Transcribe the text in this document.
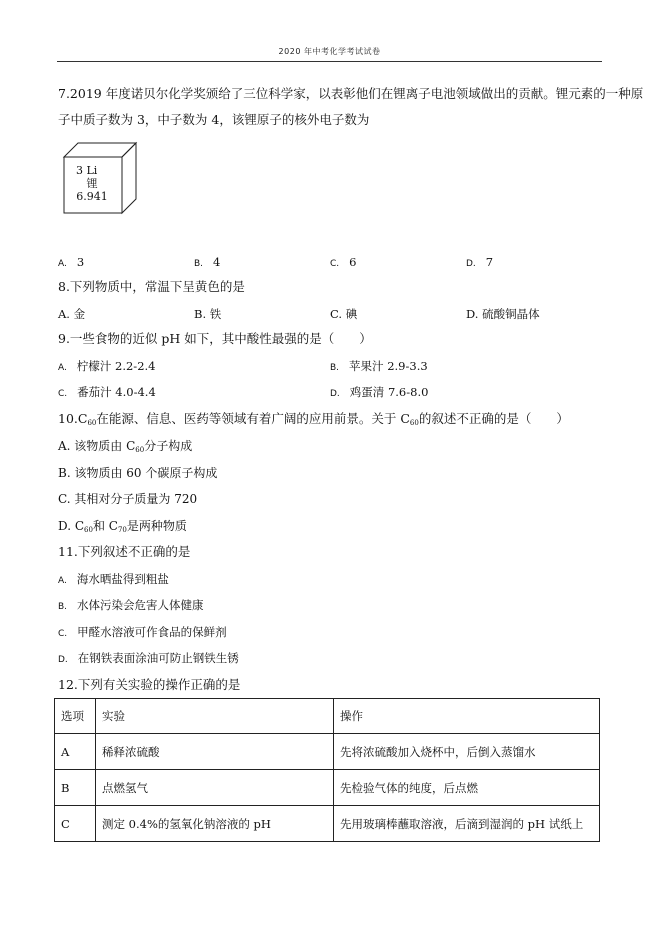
2020 年中考化学考试试卷
7.2019 年度诺贝尔化学奖颁给了三位科学家，以表彰他们在锂离子电池领域做出的贡献。锂元素的一种原
子中质子数为 3，中子数为 4，该锂原子的核外电子数为
3 Li
锂
6.941
A. 3	B. 4	C. 6	D. 7
8.下列物质中，常温下呈黄色的是
A. 金	B. 铁	C. 碘	D. 硫酸铜晶体
9.一些食物的近似 pH 如下，其中酸性最强的是（　　）
A. 柠檬汁 2.2-2.4	B. 苹果汁 2.9-3.3
C. 番茄汁 4.0-4.4	D. 鸡蛋清 7.6-8.0
$10.C_{60}$在能源、信息、医药等领域有着广阔的应用前景。关于 $C_{60}$的叙述不正确的是（　　）
A. 该物质由 $C_{60}$分子构成
B. 该物质由 60 个碳原子构成
C. 其相对分子质量为 720
D. $C_{60}$和 $C_{70}$是两种物质
11.下列叙述不正确的是
A. 海水晒盐得到粗盐
B. 水体污染会危害人体健康
C. 甲醛水溶液可作食品的保鲜剂
D. 在钢铁表面涂油可防止钢铁生锈
12.下列有关实验的操作正确的是
选项	实验	操作
A	稀释浓硫酸	先将浓硫酸加入烧杯中，后倒入蒸馏水
B	点燃氢气	先检验气体的纯度，后点燃
C	测定 0.4%的氢氧化钠溶液的 pH	先用玻璃棒蘸取溶液，后滴到湿润的 pH 试纸上
